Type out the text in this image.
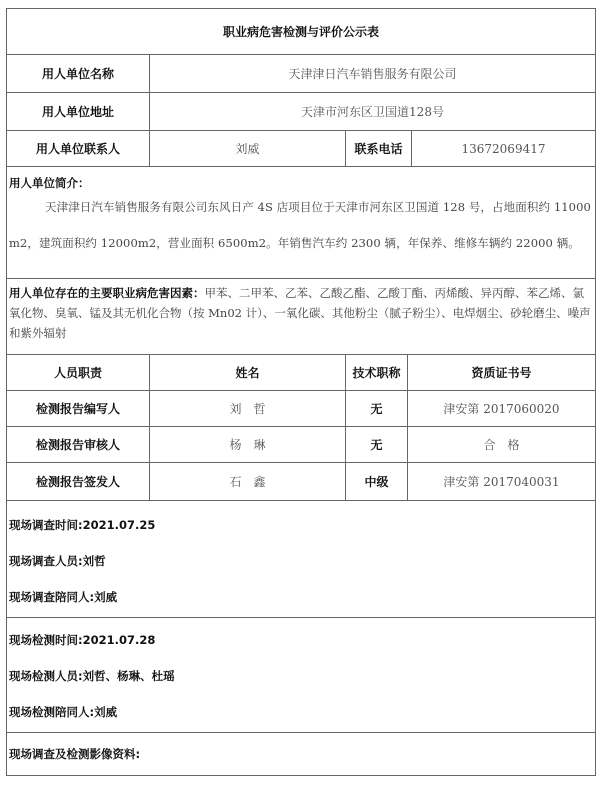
职业病危害检测与评价公示表
用人单位名称	天津津日汽车销售服务有限公司
用人单位地址	天津市河东区卫国道128号
用人单位联系人	刘威	联系电话	13672069417
用人单位简介：
天津津日汽车销售服务有限公司东风日产 4S 店项目位于天津市河东区卫国道 128 号，占地面积约 11000m2，建筑面积约 12000m2，营业面积 6500m2。年销售汽车约 2300 辆，年保养、维修车辆约 22000 辆。
用人单位存在的主要职业病危害因素：甲苯、二甲苯、乙苯、乙酸乙酯、乙酸丁酯、丙烯酸、异丙醇、苯乙烯、氯氧化物、臭氧、锰及其无机化合物（按 Mn02 计）、一氧化碳、其他粉尘（腻子粉尘）、电焊烟尘、砂轮磨尘、噪声和紫外辐射
人员职责	姓名	技术职称	资质证书号
检测报告编写人	刘　哲	无	津安第 2017060020
检测报告审核人	杨　琳	无	合　格
检测报告签发人	石　鑫	中级	津安第 2017040031
现场调查时间:2021.07.25
现场调查人员:刘哲
现场调查陪同人:刘威
现场检测时间:2021.07.28
现场检测人员:刘哲、杨琳、杜瑶
现场检测陪同人:刘威
现场调查及检测影像资料:
